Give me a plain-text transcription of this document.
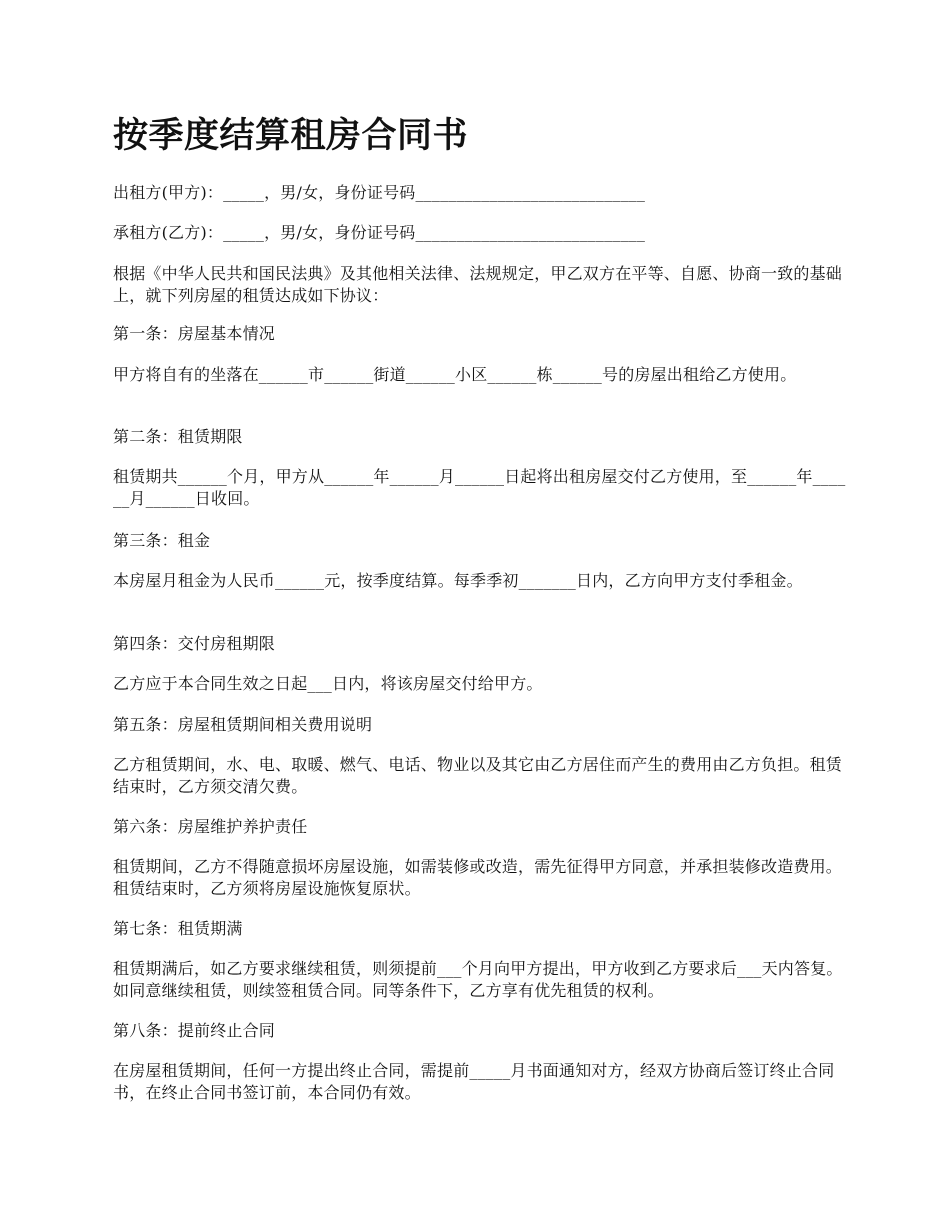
按季度结算租房合同书

出租方(甲方)：_____，男/女，身份证号码____________________________

承租方(乙方)：_____，男/女，身份证号码____________________________

根据《中华人民共和国民法典》及其他相关法律、法规规定，甲乙双方在平等、自愿、协商一致的基础上，就下列房屋的租赁达成如下协议：

第一条：房屋基本情况

甲方将自有的坐落在______市______街道______小区______栋______号的房屋出租给乙方使用。

第二条：租赁期限

租赁期共______个月，甲方从______年______月______日起将出租房屋交付乙方使用，至______年______月______日收回。

第三条：租金

本房屋月租金为人民币______元，按季度结算。每季季初_______日内，乙方向甲方支付季租金。

第四条：交付房租期限

乙方应于本合同生效之日起___日内，将该房屋交付给甲方。

第五条：房屋租赁期间相关费用说明

乙方租赁期间，水、电、取暖、燃气、电话、物业以及其它由乙方居住而产生的费用由乙方负担。租赁结束时，乙方须交清欠费。

第六条：房屋维护养护责任

租赁期间，乙方不得随意损坏房屋设施，如需装修或改造，需先征得甲方同意，并承担装修改造费用。租赁结束时，乙方须将房屋设施恢复原状。

第七条：租赁期满

租赁期满后，如乙方要求继续租赁，则须提前___个月向甲方提出，甲方收到乙方要求后___天内答复。如同意继续租赁，则续签租赁合同。同等条件下，乙方享有优先租赁的权利。

第八条：提前终止合同

在房屋租赁期间，任何一方提出终止合同，需提前_____月书面通知对方，经双方协商后签订终止合同书，在终止合同书签订前，本合同仍有效。
